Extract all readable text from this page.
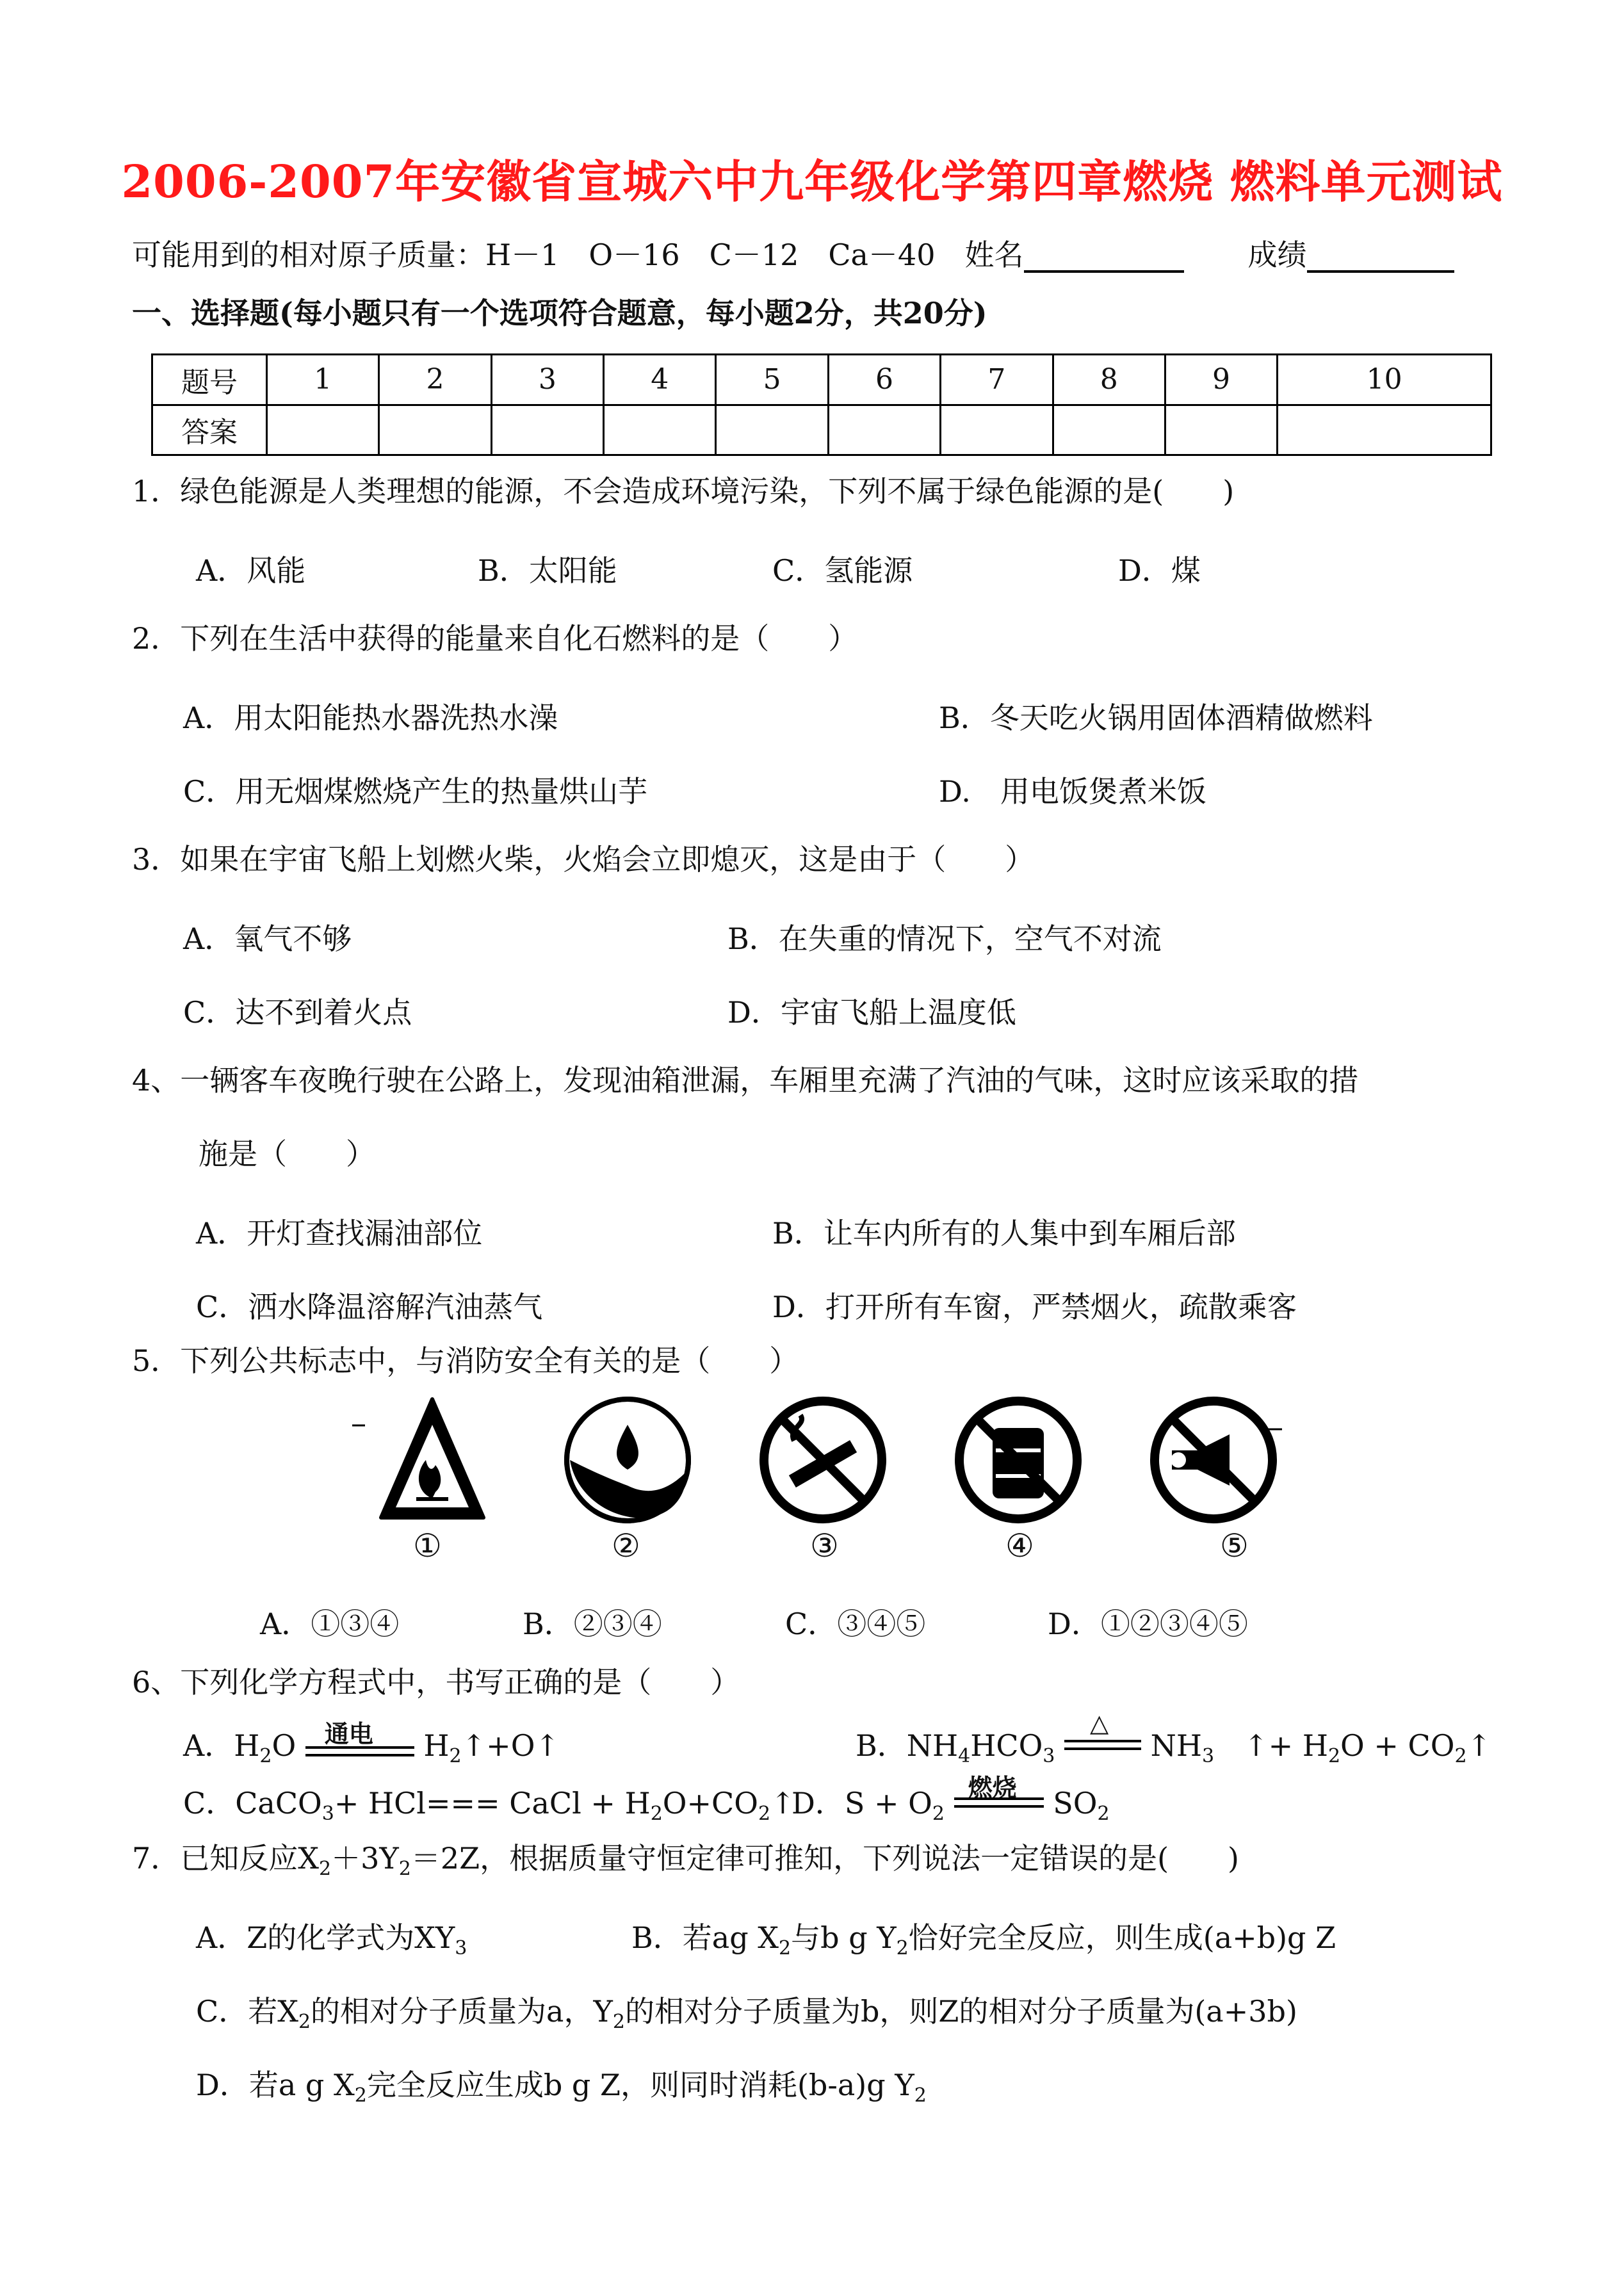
2006-2007年安徽省宣城六中九年级化学第四章燃烧 燃料单元测试
可能用到的相对原子质量：H－1　O－16　C－12　Ca－40　姓名	成绩
一、选择题(每小题只有一个选项符合题意，每小题2分，共20分)
题号	1	2	3	4	5	6	7	8	9	10
答案										
1．绿色能源是人类理想的能源，不会造成环境污染，下列不属于绿色能源的是(　　)
A．风能	B．太阳能	C．氢能源	D．煤
2．下列在生活中获得的能量来自化石燃料的是（　　）
A．用太阳能热水器洗热水澡	B．冬天吃火锅用固体酒精做燃料
C．用无烟煤燃烧产生的热量烘山芋	D.　用电饭煲煮米饭
3．如果在宇宙飞船上划燃火柴，火焰会立即熄灭，这是由于（　　）
A．氧气不够	B．在失重的情况下，空气不对流
C．达不到着火点	D．宇宙飞船上温度低
4、一辆客车夜晚行驶在公路上，发现油箱泄漏，车厢里充满了汽油的气味，这时应该采取的措
施是（　　）
A．开灯查找漏油部位	B．让车内所有的人集中到车厢后部
C．洒水降温溶解汽油蒸气	D．打开所有车窗，严禁烟火，疏散乘客
5．下列公共标志中，与消防安全有关的是（　　）
①	②	③	④	⑤
A．①③④	B．②③④	C．③④⑤	D．①②③④⑤
6、下列化学方程式中，书写正确的是（　　）
A．$H_2O$ 通电 $H_2↑+O↑$	B．$NH_4HCO_3$
△
$NH_3$　↑+ $H_2O$ + $CO_2↑$
C．CaCO$_3$+ HCl=== CaCl + $H_2O+CO_2↑$
D．$S + O_2$
燃烧 $SO_2$
7．已知反应$X_2+3Y_2=2Z$，根据质量守恒定律可推知，下列说法一定错误的是(　　)
A．Z的化学式为$XY_3$	B．若ag $X_2$与b g $Y_2$恰好完全反应，则生成(a+b)g Z
C．若$X_2$的相对分子质量为a，$Y_2$的相对分子质量为b，则Z的相对分子质量为(a+3b)
D．若a g $X_2$完全反应生成b g Z，则同时消耗(b-a)g $Y_2$
